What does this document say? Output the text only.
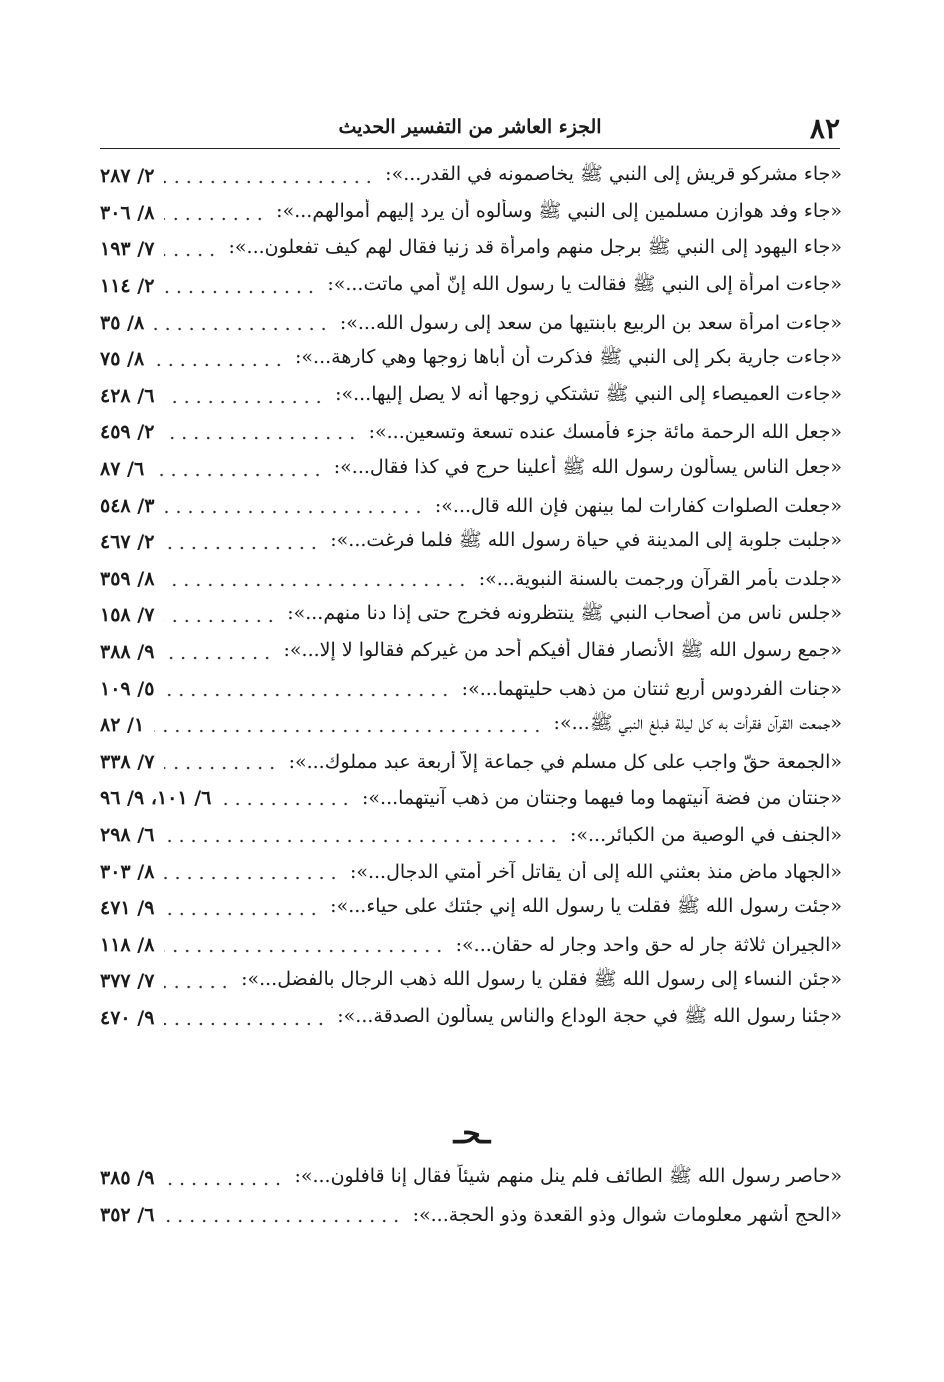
٨٢
الجزء العاشر من التفسير الحديث
«جاء مشركو قريش إلى النبي ﷺ يخاصمونه في القدر...»:
٢/ ٢٨٧
«جاء وفد هوازن مسلمين إلى النبي ﷺ وسألوه أن يرد إليهم أموالهم...»:
٨/ ٣٠٦
«جاء اليهود إلى النبي ﷺ برجل منهم وامرأة قد زنيا فقال لهم كيف تفعلون...»:
٧/ ١٩٣
«جاءت امرأة إلى النبي ﷺ فقالت يا رسول الله إنّ أمي ماتت...»:
٢/ ١١٤
«جاءت امرأة سعد بن الربيع بابنتيها من سعد إلى رسول الله...»:
٨/ ٣٥
«جاءت جارية بكر إلى النبي ﷺ فذكرت أن أباها زوجها وهي كارهة...»:
٨/ ٧٥
«جاءت العميصاء إلى النبي ﷺ تشتكي زوجها أنه لا يصل إليها...»:
٦/ ٤٢٨
«جعل الله الرحمة مائة جزء فأمسك عنده تسعة وتسعين...»:
٢/ ٤٥٩
«جعل الناس يسألون رسول الله ﷺ أعلينا حرج في كذا فقال...»:
٦/ ٨٧
«جعلت الصلوات كفارات لما بينهن فإن الله قال...»:
٣/ ٥٤٨
«جلبت جلوبة إلى المدينة في حياة رسول الله ﷺ فلما فرغت...»:
٢/ ٤٦٧
«جلدت بأمر القرآن ورجمت بالسنة النبوية...»:
٨/ ٣٥٩
«جلس ناس من أصحاب النبي ﷺ ينتظرونه فخرج حتى إذا دنا منهم...»:
٧/ ١٥٨
«جمع رسول الله ﷺ الأنصار فقال أفيكم أحد من غيركم فقالوا لا إلا...»:
٩/ ٣٨٨
«جنات الفردوس أربع ثنتان من ذهب حليتهما...»:
٥/ ١٠٩
«جمعت القرآن فقرأت به كل ليلة فبلغ النبي ﷺ...»:
١/ ٨٢
«الجمعة حقّ واجب على كل مسلم في جماعة إلاّ أربعة عبد مملوك...»:
٧/ ٣٣٨
«جنتان من فضة آنيتهما وما فيهما وجنتان من ذهب آنيتهما...»:
٦/ ١٠١، ٩/ ٩٦
«الجنف في الوصية من الكبائر...»:
٦/ ٢٩٨
«الجهاد ماضٍ منذ بعثني الله إلى أن يقاتل آخر أمتي الدجال...»:
٨/ ٣٠٣
«جئت رسول الله ﷺ فقلت يا رسول الله إني جئتك على حياء...»:
٩/ ٤٧١
«الجيران ثلاثة جار له حق واحد وجار له حقان...»:
٨/ ١١٨
«جئن النساء إلى رسول الله ﷺ فقلن يا رسول الله ذهب الرجال بالفضل...»:
٧/ ٣٧٧
«جئنا رسول الله ﷺ في حجة الوداع والناس يسألون الصدقة...»:
٩/ ٤٧٠
ـحـ
«حاصر رسول الله ﷺ الطائف فلم ينل منهم شيئاً فقال إنا قافلون...»:
٩/ ٣٨٥
«الحج أشهر معلومات شوال وذو القعدة وذو الحجة...»:
٦/ ٣٥٢
